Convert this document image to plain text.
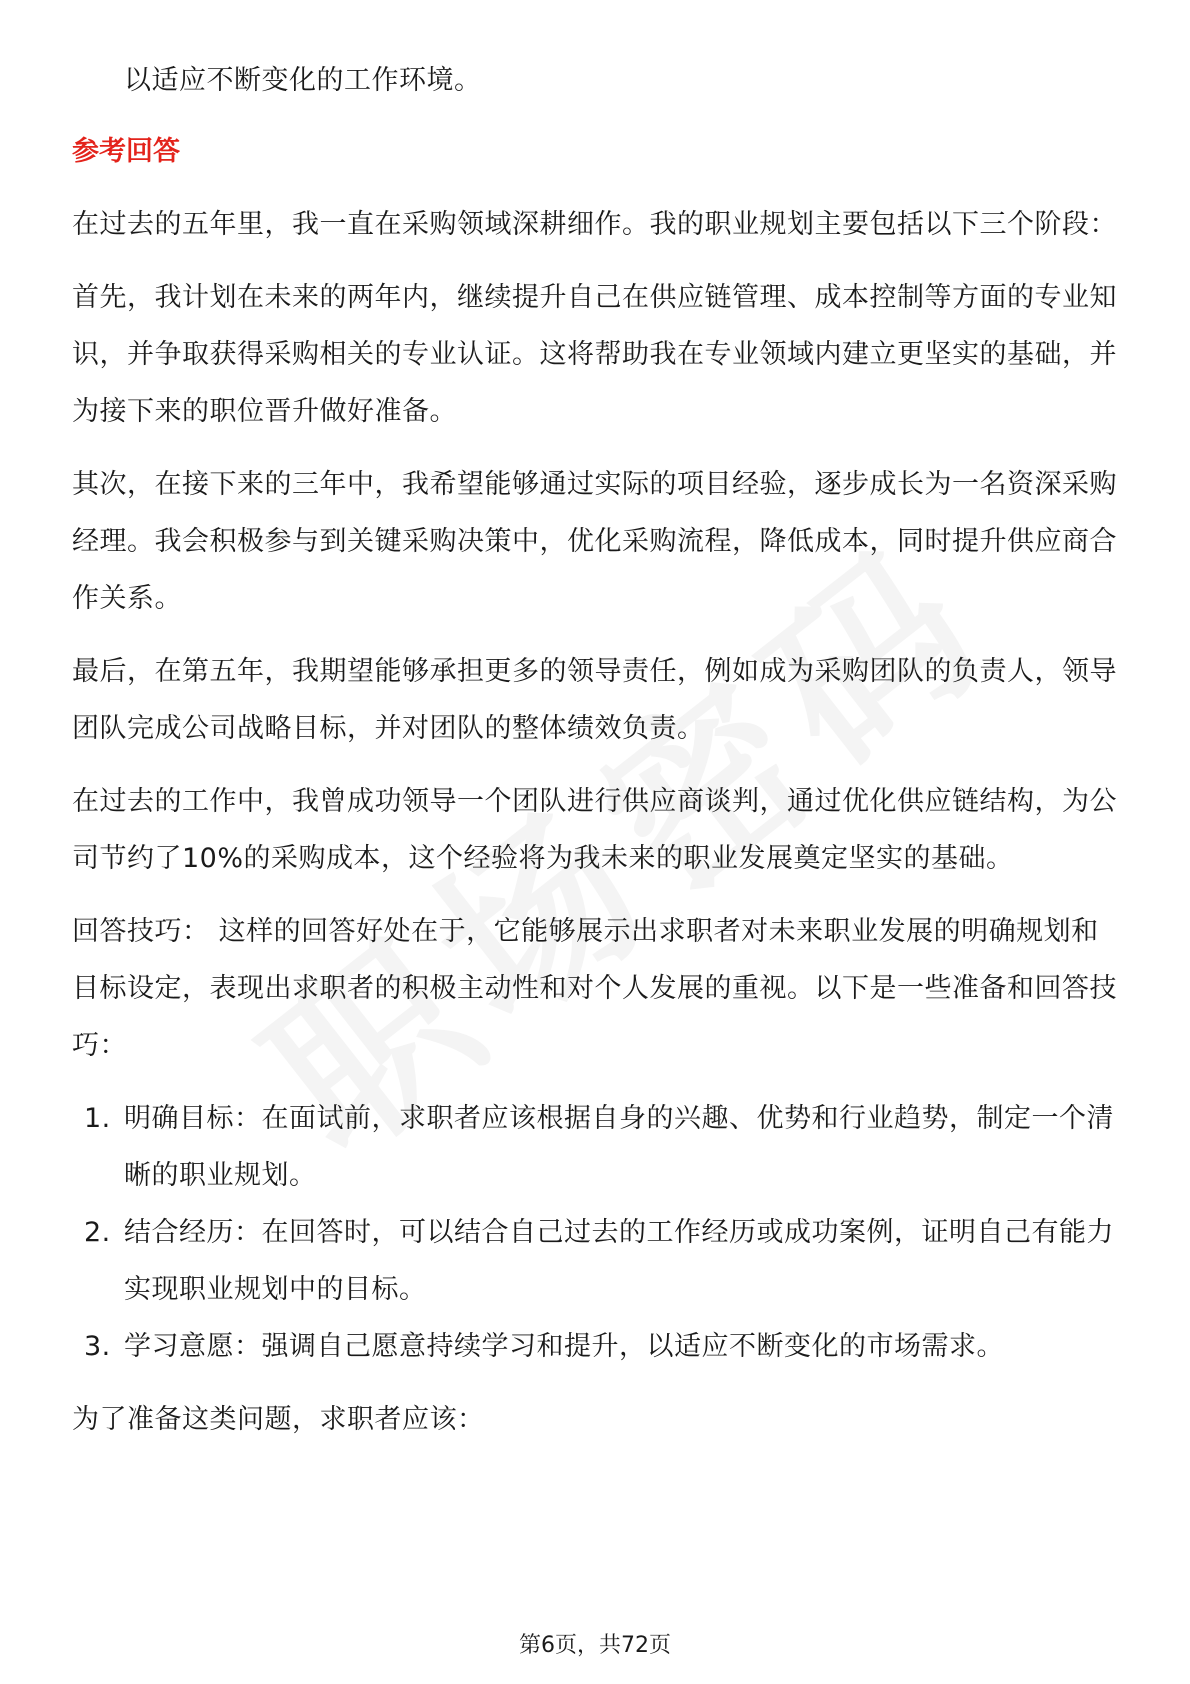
以适应不断变化的工作环境。

参考回答

在过去的五年里，我一直在采购领域深耕细作。我的职业规划主要包括以下三个阶段：

首先，我计划在未来的两年内，继续提升自己在供应链管理、成本控制等方面的专业知识，并争取获得采购相关的专业认证。这将帮助我在专业领域内建立更坚实的基础，并为接下来的职位晋升做好准备。

其次，在接下来的三年中，我希望能够通过实际的项目经验，逐步成长为一名资深采购经理。我会积极参与到关键采购决策中，优化采购流程，降低成本，同时提升供应商合作关系。

最后，在第五年，我期望能够承担更多的领导责任，例如成为采购团队的负责人，领导团队完成公司战略目标，并对团队的整体绩效负责。

在过去的工作中，我曾成功领导一个团队进行供应商谈判，通过优化供应链结构，为公司节约了10%的采购成本，这个经验将为我未来的职业发展奠定坚实的基础。

回答技巧： 这样的回答好处在于，它能够展示出求职者对未来职业发展的明确规划和目标设定，表现出求职者的积极主动性和对个人发展的重视。以下是一些准备和回答技巧：

1. 明确目标：在面试前，求职者应该根据自身的兴趣、优势和行业趋势，制定一个清晰的职业规划。
2. 结合经历：在回答时，可以结合自己过去的工作经历或成功案例，证明自己有能力实现职业规划中的目标。
3. 学习意愿：强调自己愿意持续学习和提升，以适应不断变化的市场需求。

为了准备这类问题，求职者应该：

第6页，共72页
